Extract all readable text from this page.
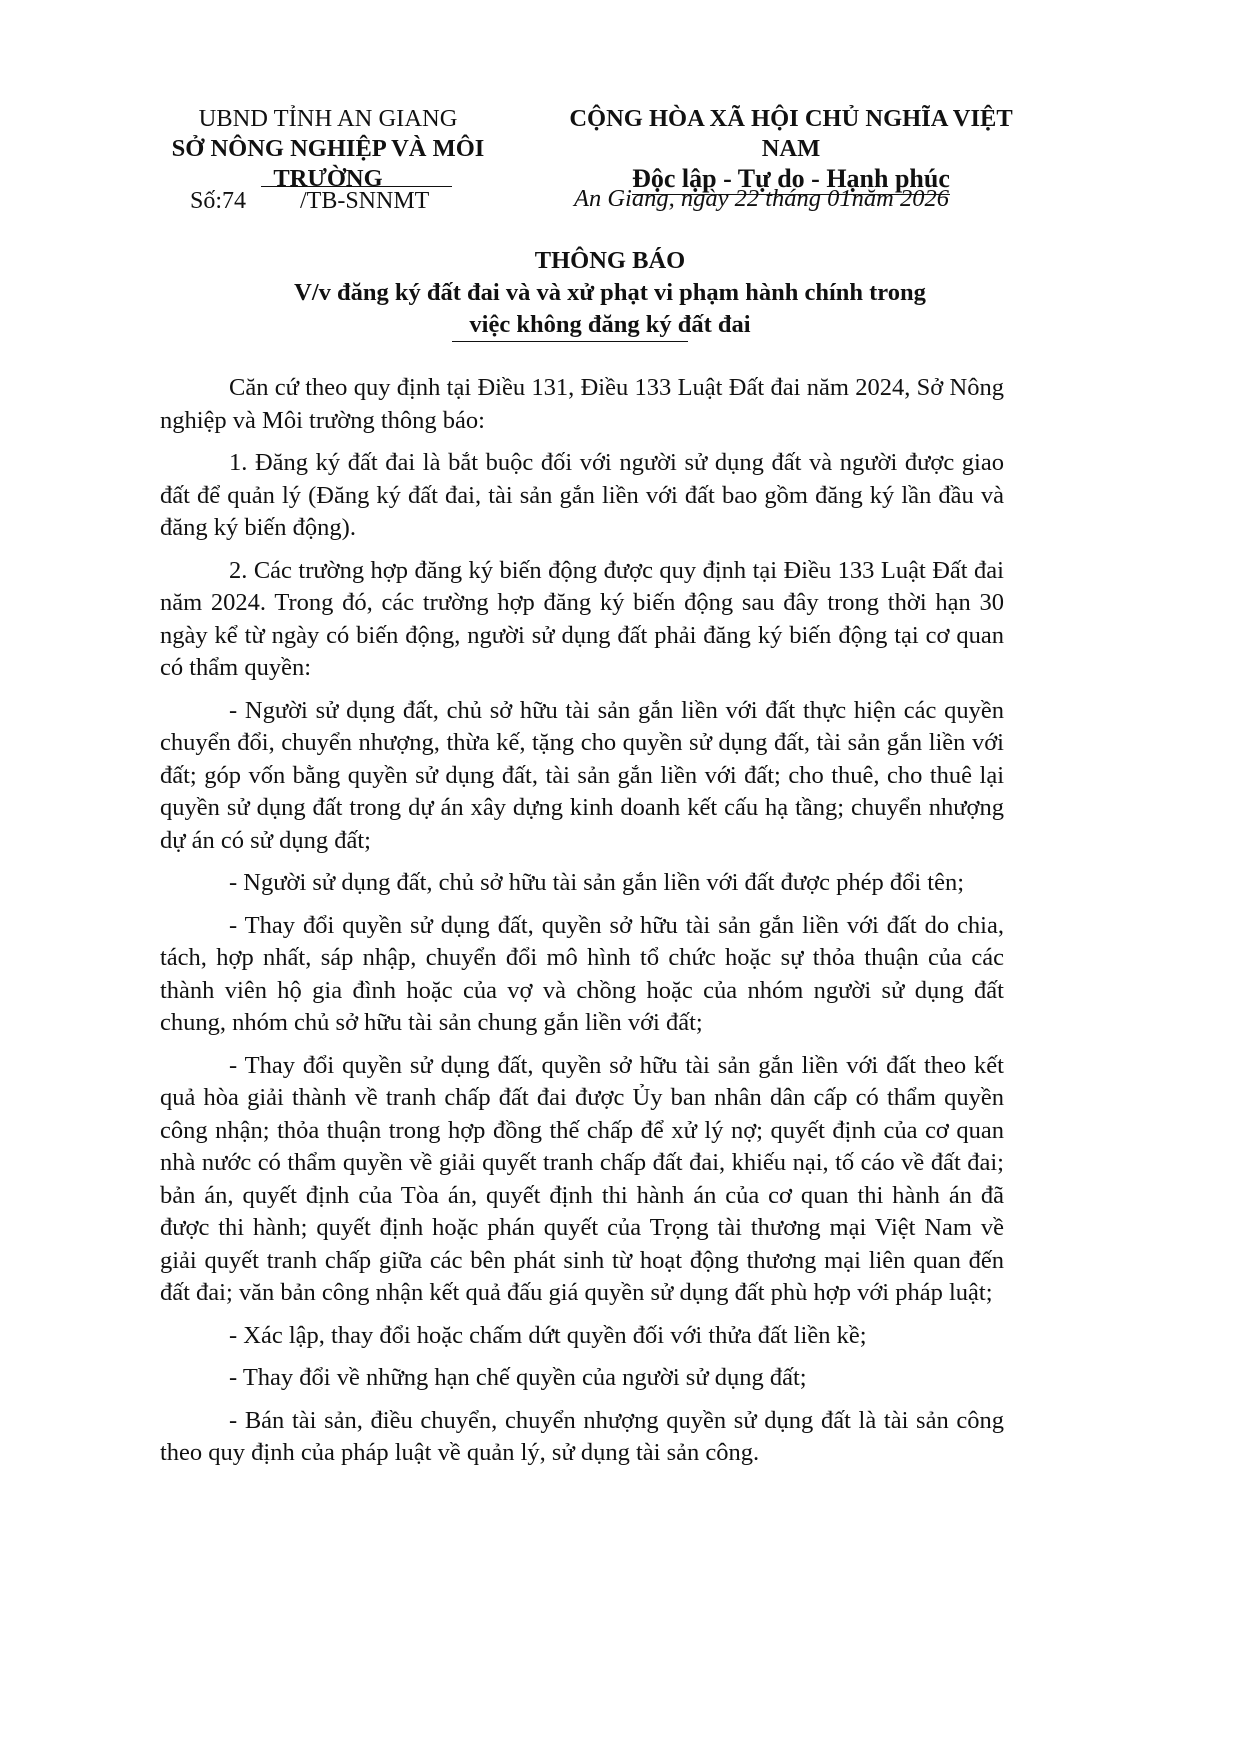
UBND TỈNH AN GIANG
SỞ NÔNG NGHIỆP VÀ MÔI TRƯỜNG
CỘNG HÒA XÃ HỘI CHỦ NGHĨA VIỆT NAM
Độc lập - Tự do - Hạnh phúc
Số:74 /TB-SNNMT	An Giang, ngày 22 tháng 01năm 2026
THÔNG BÁO
V/v đăng ký đất đai và và xử phạt vi phạm hành chính trong
việc không đăng ký đất đai

Căn cứ theo quy định tại Điều 131, Điều 133 Luật Đất đai năm 2024, Sở Nông nghiệp và Môi trường thông báo:

1. Đăng ký đất đai là bắt buộc đối với người sử dụng đất và người được giao đất để quản lý (Đăng ký đất đai, tài sản gắn liền với đất bao gồm đăng ký lần đầu và đăng ký biến động).

2. Các trường hợp đăng ký biến động được quy định tại Điều 133 Luật Đất đai năm 2024. Trong đó, các trường hợp đăng ký biến động sau đây trong thời hạn 30 ngày kể từ ngày có biến động, người sử dụng đất phải đăng ký biến động tại cơ quan có thẩm quyền:

- Người sử dụng đất, chủ sở hữu tài sản gắn liền với đất thực hiện các quyền chuyển đổi, chuyển nhượng, thừa kế, tặng cho quyền sử dụng đất, tài sản gắn liền với đất; góp vốn bằng quyền sử dụng đất, tài sản gắn liền với đất; cho thuê, cho thuê lại quyền sử dụng đất trong dự án xây dựng kinh doanh kết cấu hạ tầng; chuyển nhượng dự án có sử dụng đất;

- Người sử dụng đất, chủ sở hữu tài sản gắn liền với đất được phép đổi tên;

- Thay đổi quyền sử dụng đất, quyền sở hữu tài sản gắn liền với đất do chia, tách, hợp nhất, sáp nhập, chuyển đổi mô hình tổ chức hoặc sự thỏa thuận của các thành viên hộ gia đình hoặc của vợ và chồng hoặc của nhóm người sử dụng đất chung, nhóm chủ sở hữu tài sản chung gắn liền với đất;

- Thay đổi quyền sử dụng đất, quyền sở hữu tài sản gắn liền với đất theo kết quả hòa giải thành về tranh chấp đất đai được Ủy ban nhân dân cấp có thẩm quyền công nhận; thỏa thuận trong hợp đồng thế chấp để xử lý nợ; quyết định của cơ quan nhà nước có thẩm quyền về giải quyết tranh chấp đất đai, khiếu nại, tố cáo về đất đai; bản án, quyết định của Tòa án, quyết định thi hành án của cơ quan thi hành án đã được thi hành; quyết định hoặc phán quyết của Trọng tài thương mại Việt Nam về giải quyết tranh chấp giữa các bên phát sinh từ hoạt động thương mại liên quan đến đất đai; văn bản công nhận kết quả đấu giá quyền sử dụng đất phù hợp với pháp luật;

- Xác lập, thay đổi hoặc chấm dứt quyền đối với thửa đất liền kề;

- Thay đổi về những hạn chế quyền của người sử dụng đất;

- Bán tài sản, điều chuyển, chuyển nhượng quyền sử dụng đất là tài sản công theo quy định của pháp luật về quản lý, sử dụng tài sản công.
